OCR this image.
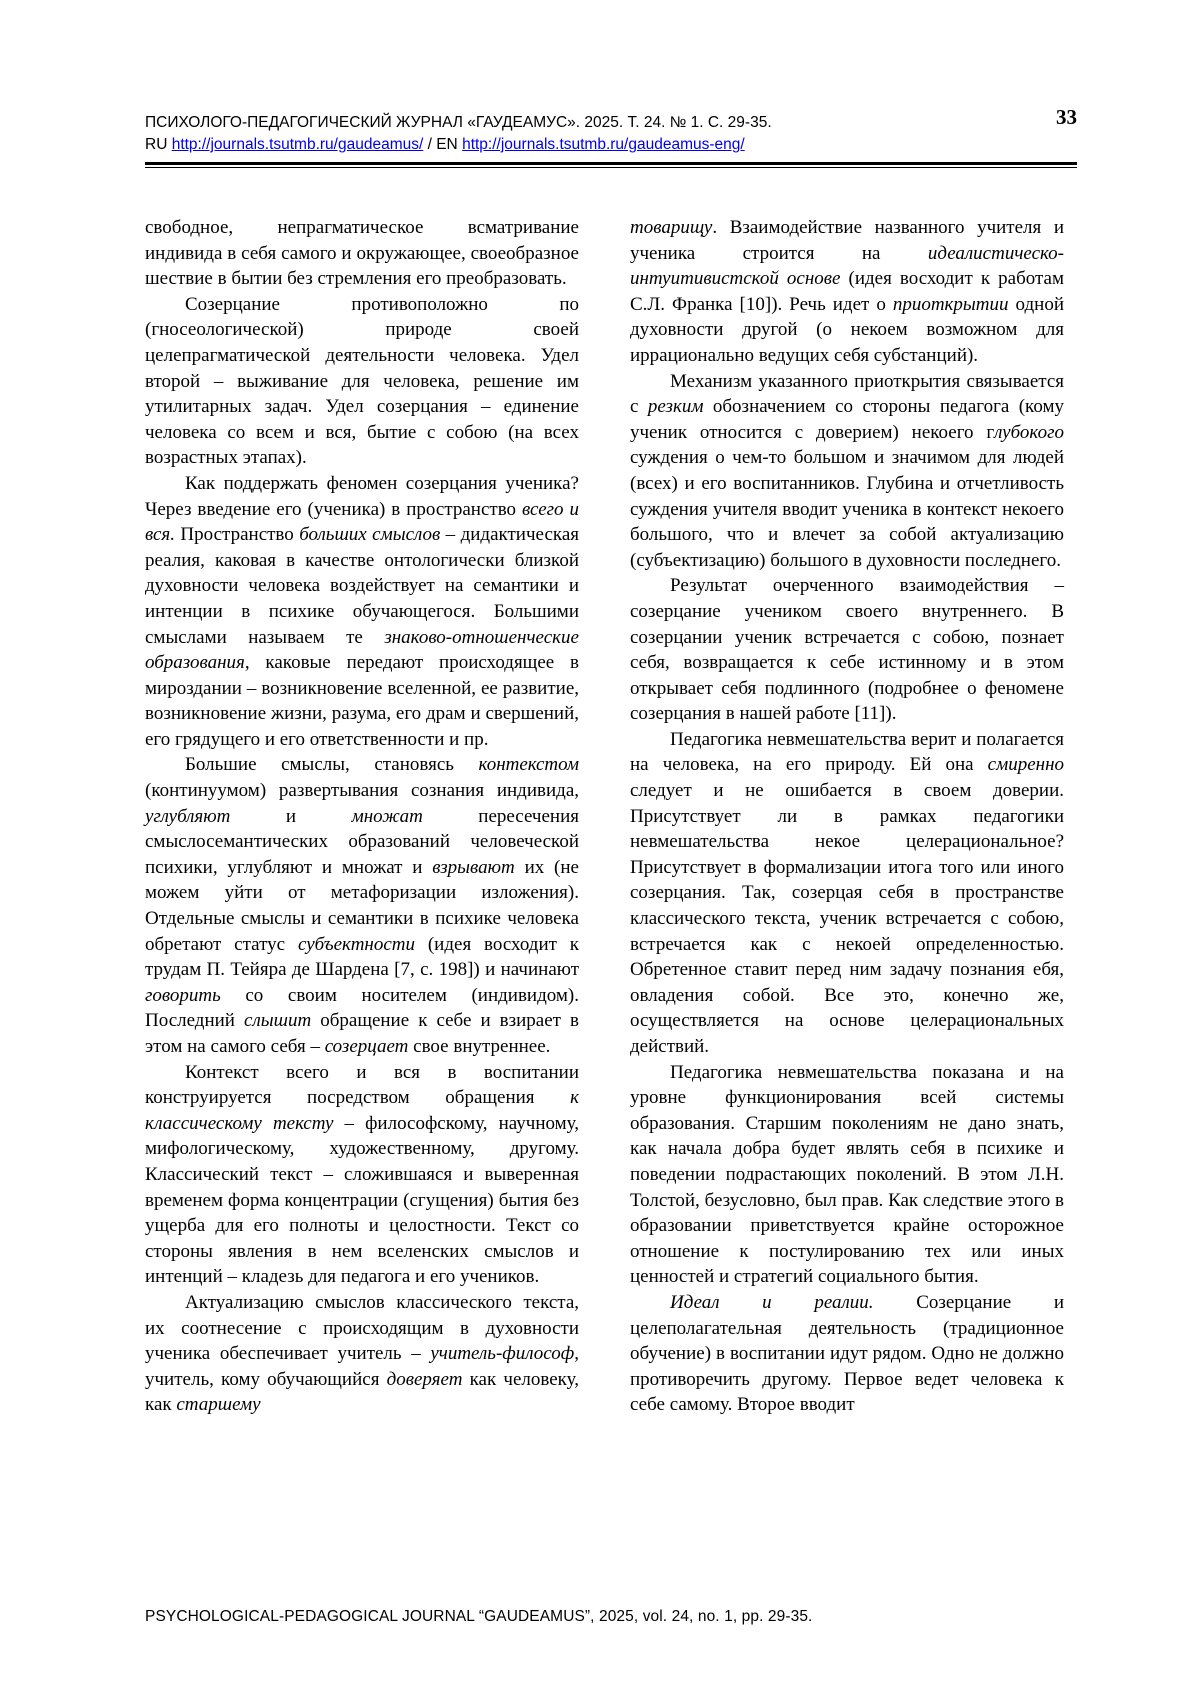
ПСИХОЛОГО-ПЕДАГОГИЧЕСКИЙ ЖУРНАЛ «ГАУДЕАМУС». 2025. Т. 24. № 1. С. 29-35.
RU http://journals.tsutmb.ru/gaudeamus/ / EN http://journals.tsutmb.ru/gaudeamus-eng/
33

свободное, непрагматическое всматривание индивида в себя самого и окружающее, своеобразное шествие в бытии без стремления его преобразовать.

Созерцание противоположно по (гносеологической) природе своей целепрагматической деятельности человека. Удел второй – выживание для человека, решение им утилитарных задач. Удел созерцания – единение человека со всем и вся, бытие с собою (на всех возрастных этапах).

Как поддержать феномен созерцания ученика? Через введение его (ученика) в пространство всего и вся. Пространство больших смыслов – дидактическая реалия, каковая в качестве онтологически близкой духовности человека воздействует на семантики и интенции в психике обучающегося. Большими смыслами называем те знаково-отношенческие образования, каковые передают происходящее в мироздании – возникновение вселенной, ее развитие, возникновение жизни, разума, его драм и свершений, его грядущего и его ответственности и пр.

Большие смыслы, становясь контекстом (континуумом) развертывания сознания индивида, углубляют и множат пересечения смыслосемантических образований человеческой психики, углубляют и множат и взрывают их (не можем уйти от метафоризации изложения). Отдельные смыслы и семантики в психике человека обретают статус субъектности (идея восходит к трудам П. Тейяра де Шардена [7, с. 198]) и начинают говорить со своим носителем (индивидом). Последний слышит обращение к себе и взирает в этом на самого себя – созерцает свое внутреннее.

Контекст всего и вся в воспитании конструируется посредством обращения к классическому тексту – философскому, научному, мифологическому, художественному, другому. Классический текст – сложившаяся и выверенная временем форма концентрации (сгущения) бытия без ущерба для его полноты и целостности. Текст со стороны явления в нем вселенских смыслов и интенций – кладезь для педагога и его учеников.

Актуализацию смыслов классического текста, их соотнесение с происходящим в духовности ученика обеспечивает учитель – учитель-философ, учитель, кому обучающийся доверяет как человеку, как старшему

товарищу. Взаимодействие названного учителя и ученика строится на идеалистическо-интуитивистской основе (идея восходит к работам С.Л. Франка [10]). Речь идет о приоткрытии одной духовности другой (о некоем возможном для иррационально ведущих себя субстанций).

Механизм указанного приоткрытия связывается с резким обозначением со стороны педагога (кому ученик относится с доверием) некоего глубокого суждения о чем-то большом и значимом для людей (всех) и его воспитанников. Глубина и отчетливость суждения учителя вводит ученика в контекст некоего большого, что и влечет за собой актуализацию (субъектизацию) большого в духовности последнего.

Результат очерченного взаимодействия – созерцание учеником своего внутреннего. В созерцании ученик встречается с собою, познает себя, возвращается к себе истинному и в этом открывает себя подлинного (подробнее о феномене созерцания в нашей работе [11]).

Педагогика невмешательства верит и полагается на человека, на его природу. Ей она смиренно следует и не ошибается в своем доверии. Присутствует ли в рамках педагогики невмешательства некое целерациональное? Присутствует в формализации итога того или иного созерцания. Так, созерцая себя в пространстве классического текста, ученик встречается с собою, встречается как с некоей определенностью. Обретенное ставит перед ним задачу познания ебя, овладения собой. Все это, конечно же, осуществляется на основе целерациональных действий.

Педагогика невмешательства показана и на уровне функционирования всей системы образования. Старшим поколениям не дано знать, как начала добра будет являть себя в психике и поведении подрастающих поколений. В этом Л.Н. Толстой, безусловно, был прав. Как следствие этого в образовании приветствуется крайне осторожное отношение к постулированию тех или иных ценностей и стратегий социального бытия.

Идеал и реалии. Созерцание и целеполагательная деятельность (традиционное обучение) в воспитании идут рядом. Одно не должно противоречить другому. Первое ведет человека к себе самому. Второе вводит

PSYCHOLOGICAL-PEDAGOGICAL JOURNAL “GAUDEAMUS”, 2025, vol. 24, no. 1, pp. 29-35.
